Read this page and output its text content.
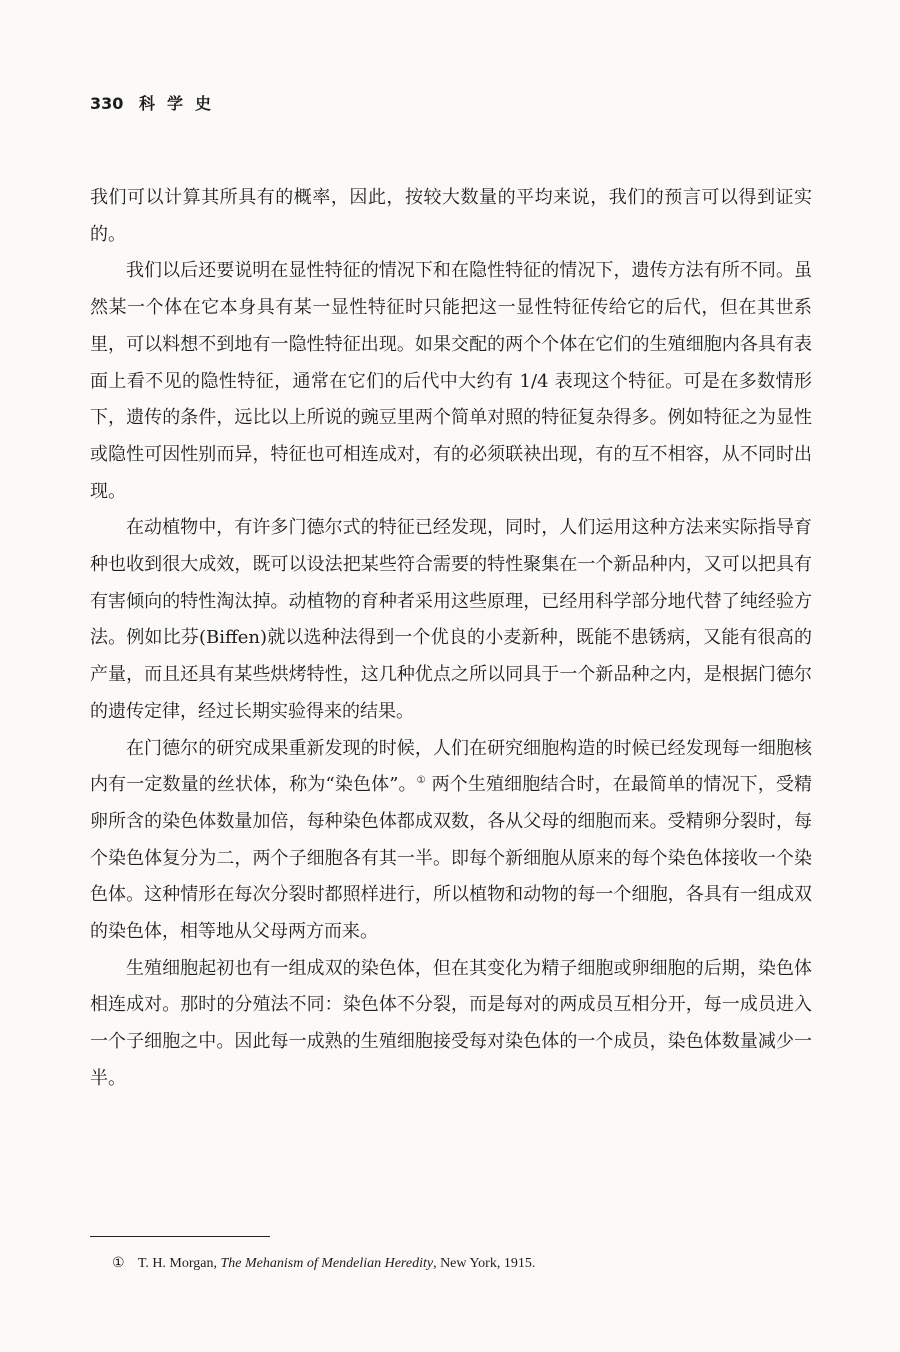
330 科学史

我们可以计算其所具有的概率，因此，按较大数量的平均来说，我们的预言可以得到证实的。

我们以后还要说明在显性特征的情况下和在隐性特征的情况下，遗传方法有所不同。虽然某一个体在它本身具有某一显性特征时只能把这一显性特征传给它的后代，但在其世系里，可以料想不到地有一隐性特征出现。如果交配的两个个体在它们的生殖细胞内各具有表面上看不见的隐性特征，通常在它们的后代中大约有 1/4 表现这个特征。可是在多数情形下，遗传的条件，远比以上所说的豌豆里两个简单对照的特征复杂得多。例如特征之为显性或隐性可因性别而异，特征也可相连成对，有的必须联袂出现，有的互不相容，从不同时出现。

在动植物中，有许多门德尔式的特征已经发现，同时，人们运用这种方法来实际指导育种也收到很大成效，既可以设法把某些符合需要的特性聚集在一个新品种内，又可以把具有有害倾向的特性淘汰掉。动植物的育种者采用这些原理，已经用科学部分地代替了纯经验方法。例如比芬(Biffen)就以选种法得到一个优良的小麦新种，既能不患锈病，又能有很高的产量，而且还具有某些烘烤特性，这几种优点之所以同具于一个新品种之内，是根据门德尔的遗传定律，经过长期实验得来的结果。

在门德尔的研究成果重新发现的时候，人们在研究细胞构造的时候已经发现每一细胞核内有一定数量的丝状体，称为“染色体”。① 两个生殖细胞结合时，在最简单的情况下，受精卵所含的染色体数量加倍，每种染色体都成双数，各从父母的细胞而来。受精卵分裂时，每个染色体复分为二，两个子细胞各有其一半。即每个新细胞从原来的每个染色体接收一个染色体。这种情形在每次分裂时都照样进行，所以植物和动物的每一个细胞，各具有一组成双的染色体，相等地从父母两方而来。

生殖细胞起初也有一组成双的染色体，但在其变化为精子细胞或卵细胞的后期，染色体相连成对。那时的分殖法不同：染色体不分裂，而是每对的两成员互相分开，每一成员进入一个子细胞之中。因此每一成熟的生殖细胞接受每对染色体的一个成员，染色体数量减少一半。

① T. H. Morgan, The Mehanism of Mendelian Heredity, New York, 1915.
